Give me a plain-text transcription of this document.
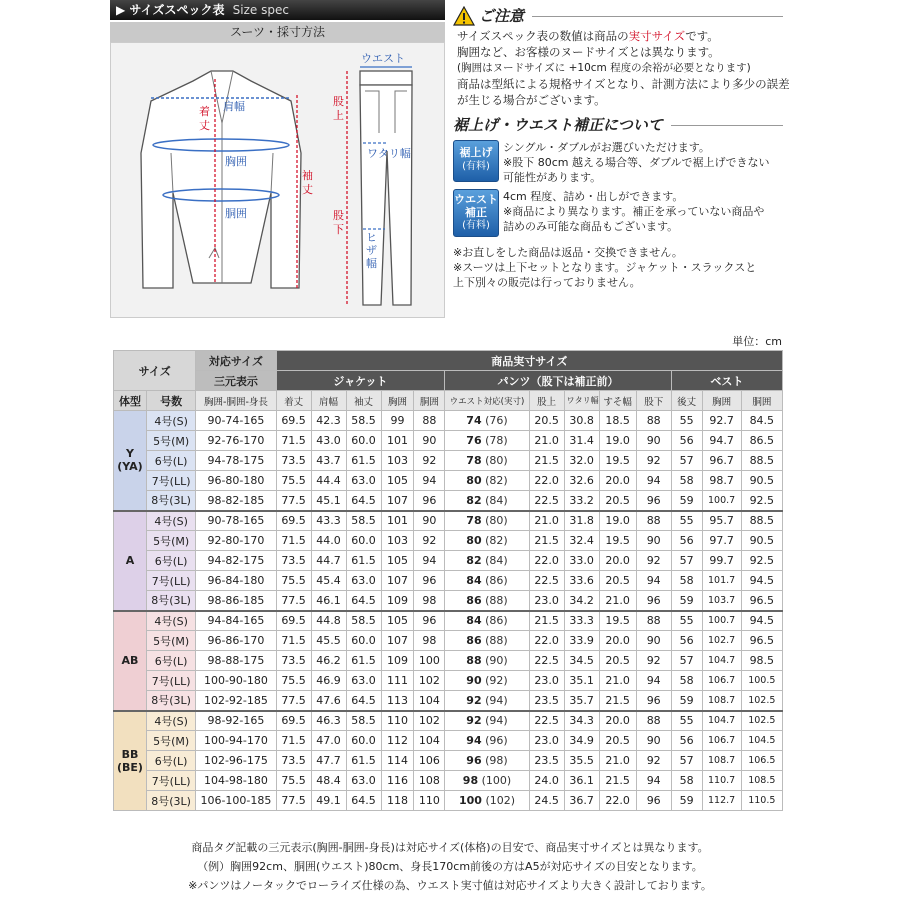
▶ サイズスペック表 Size spec
スーツ・採寸方法
着
丈
肩幅
胸囲
胴囲
袖
丈
ウエスト
股
上
ワタリ幅
股
下
ヒ
ザ
幅
ご注意
サイズスペック表の数値は商品の実寸サイズです。
胸囲など、お客様のヌードサイズとは異なります。
(胸囲はヌードサイズに +10cm 程度の余裕が必要となります)
商品は型紙による規格サイズとなり、計測方法により多少の誤差
が生じる場合がございます。
裾上げ・ウエスト補正について
裾上げ
(有料)
シングル・ダブルがお選びいただけます。
※股下 80cm 越える場合等、ダブルで裾上げできない
可能性があります。
ウエスト
補正
(有料)
4cm 程度、詰め・出しができます。
※商品により異なります。補正を承っていない商品や
詰めのみ可能な商品もございます。
※お直しをした商品は返品・交換できません。
※スーツは上下セットとなります。ジャケット・スラックスと
上下別々の販売は行っておりません。
単位：cm
サイズ		対応サイズ	商品実寸サイズ												
		三元表示	ジャケット					パンツ（股下は補正前）					ベスト		
体型	号数	胸囲-胴囲-身長	着丈	肩幅	袖丈	胸囲	胴囲	ウエスト対応(実寸)	股上	ワタリ幅	すそ幅	股下	後丈	胸囲	胴囲

Y
(YA)	4号(S)	90-74-165	69.5	42.3	58.5	99	88	74 (76)	20.5	30.8	18.5	88	55	92.7	84.5
	5号(M)	92-76-170	71.5	43.0	60.0	101	90	76 (78)	21.0	31.4	19.0	90	56	94.7	86.5
	6号(L)	94-78-175	73.5	43.7	61.5	103	92	78 (80)	21.5	32.0	19.5	92	57	96.7	88.5
	7号(LL)	96-80-180	75.5	44.4	63.0	105	94	80 (82)	22.0	32.6	20.0	94	58	98.7	90.5
	8号(3L)	98-82-185	77.5	45.1	64.5	107	96	82 (84)	22.5	33.2	20.5	96	59	100.7	92.5

A	4号(S)	90-78-165	69.5	43.3	58.5	101	90	78 (80)	21.0	31.8	19.0	88	55	95.7	88.5
	5号(M)	92-80-170	71.5	44.0	60.0	103	92	80 (82)	21.5	32.4	19.5	90	56	97.7	90.5
	6号(L)	94-82-175	73.5	44.7	61.5	105	94	82 (84)	22.0	33.0	20.0	92	57	99.7	92.5
	7号(LL)	96-84-180	75.5	45.4	63.0	107	96	84 (86)	22.5	33.6	20.5	94	58	101.7	94.5
	8号(3L)	98-86-185	77.5	46.1	64.5	109	98	86 (88)	23.0	34.2	21.0	96	59	103.7	96.5

AB	4号(S)	94-84-165	69.5	44.8	58.5	105	96	84 (86)	21.5	33.3	19.5	88	55	100.7	94.5
	5号(M)	96-86-170	71.5	45.5	60.0	107	98	86 (88)	22.0	33.9	20.0	90	56	102.7	96.5
	6号(L)	98-88-175	73.5	46.2	61.5	109	100	88 (90)	22.5	34.5	20.5	92	57	104.7	98.5
	7号(LL)	100-90-180	75.5	46.9	63.0	111	102	90 (92)	23.0	35.1	21.0	94	58	106.7	100.5
	8号(3L)	102-92-185	77.5	47.6	64.5	113	104	92 (94)	23.5	35.7	21.5	96	59	108.7	102.5

BB
(BE)	4号(S)	98-92-165	69.5	46.3	58.5	110	102	92 (94)	22.5	34.3	20.0	88	55	104.7	102.5
	5号(M)	100-94-170	71.5	47.0	60.0	112	104	94 (96)	23.0	34.9	20.5	90	56	106.7	104.5
	6号(L)	102-96-175	73.5	47.7	61.5	114	106	96 (98)	23.5	35.5	21.0	92	57	108.7	106.5
	7号(LL)	104-98-180	75.5	48.4	63.0	116	108	98 (100)	24.0	36.1	21.5	94	58	110.7	108.5
	8号(3L)	106-100-185	77.5	49.1	64.5	118	110	100 (102)	24.5	36.7	22.0	96	59	112.7	110.5
商品タグ記載の三元表示(胸囲-胴囲-身長)は対応サイズ(体格)の目安で、商品実寸サイズとは異なります。
（例）胸囲92cm、胴囲(ウエスト)80cm、身長170cm前後の方はA5が対応サイズの目安となります。
※パンツはノータックでローライズ仕様の為、ウエスト実寸値は対応サイズより大きく設計しております。
